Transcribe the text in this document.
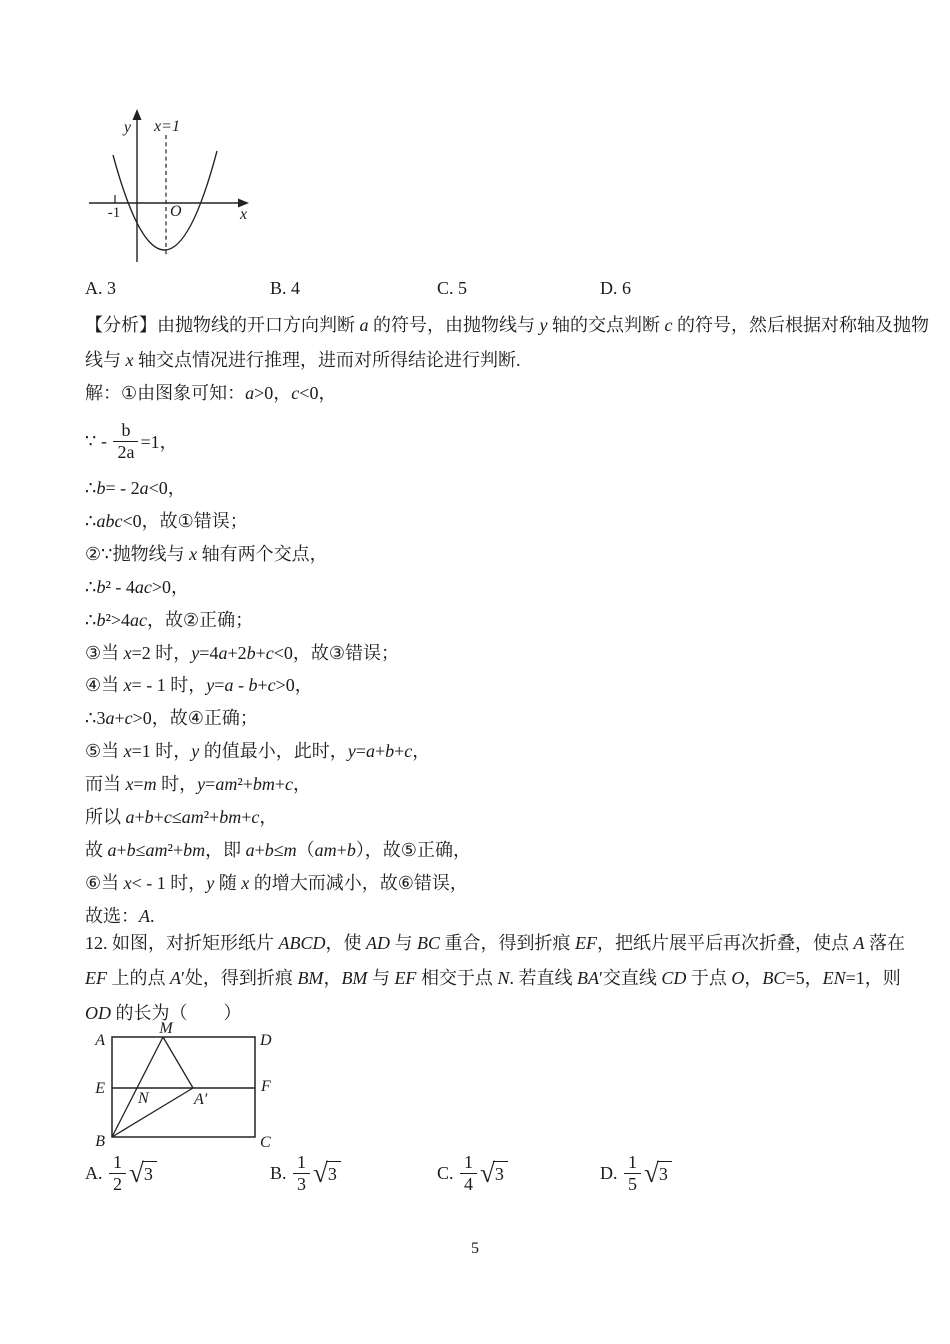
y x=1
x
O
-1
A. 3	B. 4	C. 5	D. 6
【分析】由抛物线的开口方向判断 a 的符号，由抛物线与 y 轴的交点判断 c 的符号，然后根据对称轴及抛物
线与 x 轴交点情况进行推理，进而对所得结论进行判断.
解：①由图象可知：a>0，c<0，
∵ - $\frac{b}{2a} =1$，
∴b= - 2a<0，
∴abc<0，故①错误；
②∵抛物线与 x 轴有两个交点，
∴b² - 4ac>0，
∴b²>4ac，故②正确；
③当 x=2 时，y=4a+2b+c<0，故③错误；
④当 x= - 1 时，y=a - b+c>0，
∴3a+c>0，故④正确；
⑤当 x=1 时，y 的值最小，此时，y=a+b+c，
而当 x=m 时，y=am²+bm+c，
所以 a+b+c≤am²+bm+c，
故 a+b≤am²+bm，即 a+b≤m（am+b），故⑤正确，
⑥当 x< - 1 时，y 随 x 的增大而减小，故⑥错误，
故选：A.
12. 如图，对折矩形纸片 ABCD，使 AD 与 BC 重合，得到折痕 EF，把纸片展平后再次折叠，使点 A 落在
EF 上的点 A′处，得到折痕 BM，BM 与 EF 相交于点 N. 若直线 BA′交直线 CD 于点 O，BC=5，EN=1，则
OD 的长为（　　）
A
M
D
E	F
N	A′
B	C
A. $\frac{1}{2}$ √ 3	B. $\frac{1}{3}$ √ 3	C. $\frac{1}{4}$ √ 3	D. $\frac{1}{5}$ √ 3
5
